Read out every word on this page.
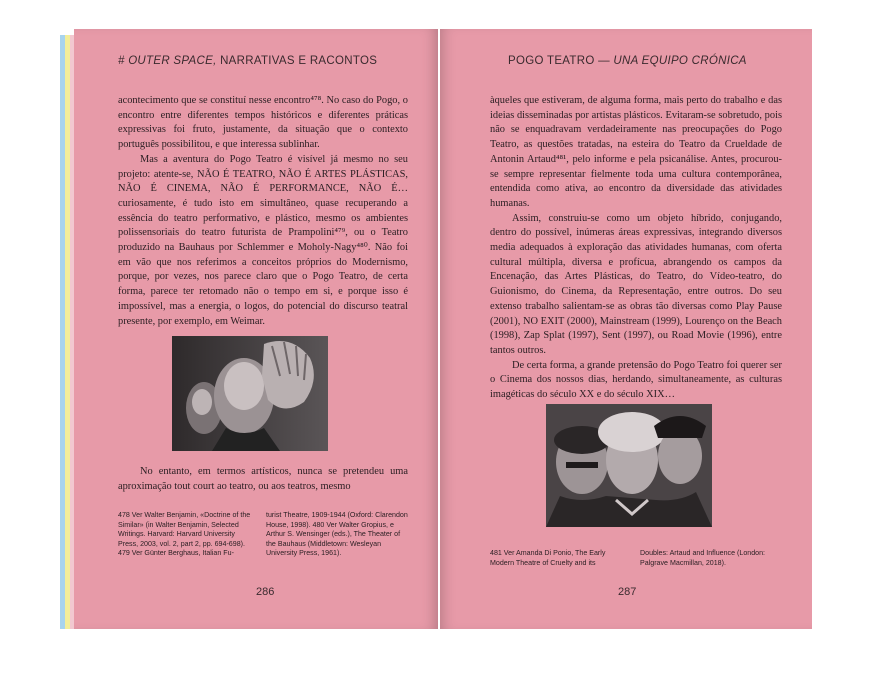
# OUTER SPACE, NARRATIVAS E RACONTOS

acontecimento que se constituí nesse encontro⁴⁷⁸. No caso do Pogo, o encontro entre diferentes tempos históricos e diferentes práticas expressivas foi fruto, justamente, da situação que o contexto português possibilitou, e que interessa sublinhar.

Mas a aventura do Pogo Teatro é visível já mesmo no seu projeto: atente-se, NÃO É TEATRO, NÃO É ARTES PLÁSTICAS, NÃO É CINEMA, NÃO É PERFORMANCE, NÃO É… curiosamente, é tudo isto em simultâneo, quase recuperando a essência do teatro performativo, e plástico, mesmo os ambientes polissensoriais do teatro futurista de Prampolini⁴⁷⁹, ou o Teatro produzido na Bauhaus por Schlemmer e Moholy-Nagy⁴⁸⁰. Não foi em vão que nos referimos a conceitos próprios do Modernismo, porque, por vezes, nos parece claro que o Pogo Teatro, de certa forma, parece ter retomado não o tempo em si, e porque isso é impossível, mas a energia, o logos, do potencial do discurso teatral presente, por exemplo, em Weimar.

No entanto, em termos artísticos, nunca se pretendeu uma aproximação tout court ao teatro, ou aos teatros, mesmo

478 Ver Walter Benjamin, «Doctrine of the Similar» (in Walter Benjamin, Selected Writings. Harvard: Harvard University Press, 2003, vol. 2, part 2, pp. 694-698). 479 Ver Günter Berghaus, Italian Fu-

turist Theatre, 1909-1944 (Oxford: Clarendon House, 1998). 480 Ver Walter Gropius, e Arthur S. Wensinger (eds.), The Theater of the Bauhaus (Middletown: Wesleyan University Press, 1961).

286
POGO TEATRO — UNA EQUIPO CRÓNICA

àqueles que estiveram, de alguma forma, mais perto do trabalho e das ideias disseminadas por artistas plásticos. Evitaram-se sobretudo, pois não se enquadravam verdadeiramente nas preocupações do Pogo Teatro, as questões tratadas, na esteira do Teatro da Crueldade de Antonin Artaud⁴⁸¹, pelo informe e pela psicanálise. Antes, procurou-se sempre representar fielmente toda uma cultura contemporânea, entendida como ativa, ao encontro da diversidade das atividades humanas.

Assim, construiu-se como um objeto híbrido, conjugando, dentro do possível, inúmeras áreas expressivas, integrando diversos media adequados à exploração das atividades humanas, com oferta cultural múltipla, diversa e profícua, abrangendo os campos da Encenação, das Artes Plásticas, do Teatro, do Vídeo-teatro, do Guionismo, do Cinema, da Representação, entre outros. Do seu extenso trabalho salientam-se as obras tão diversas como Play Pause (2001), NO EXIT (2000), Mainstream (1999), Lourenço on the Beach (1998), Zap Splat (1997), Sent (1997), ou Road Movie (1996), entre tantos outros.

De certa forma, a grande pretensão do Pogo Teatro foi querer ser o Cinema dos nossos dias, herdando, simultaneamente, as culturas imagéticas do século XX e do século XIX…

481 Ver Amanda Di Ponio, The Early Modern Theatre of Cruelty and its

Doubles: Artaud and Influence (London: Palgrave Macmillan, 2018).

287
